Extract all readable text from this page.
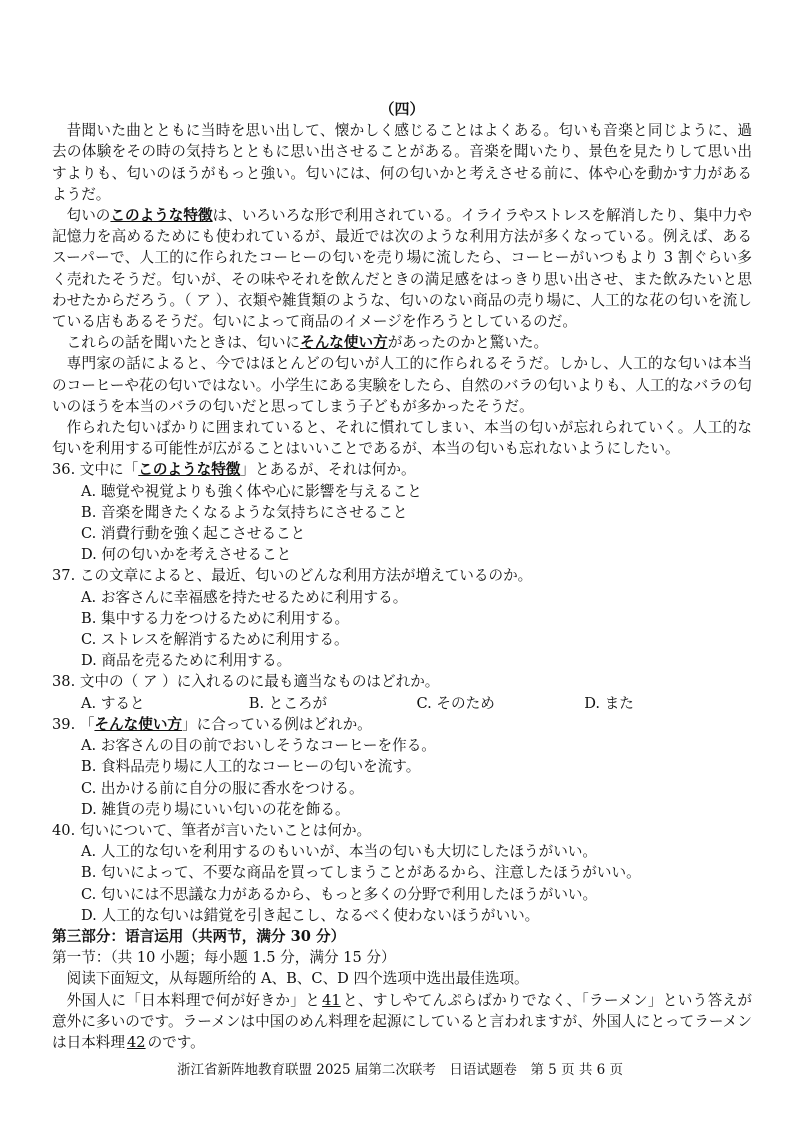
（四）

昔聞いた曲とともに当時を思い出して、懐かしく感じることはよくある。匂いも音楽と同じように、過去の体験をその時の気持ちとともに思い出させることがある。音楽を聞いたり、景色を見たりして思い出すよりも、匂いのほうがもっと強い。匂いには、何の匂いかと考えさせる前に、体や心を動かす力があるようだ。

匂いのこのような特徴は、いろいろな形で利用されている。イライラやストレスを解消したり、集中力や記憶力を高めるためにも使われているが、最近では次のような利用方法が多くなっている。例えば、あるスーパーで、人工的に作られたコーヒーの匂いを売り場に流したら、コーヒーがいつもより 3 割ぐらい多く売れたそうだ。匂いが、その味やそれを飲んだときの満足感をはっきり思い出させ、また飲みたいと思わせたからだろう。（ ア ）、衣類や雑貨類のような、匂いのない商品の売り場に、人工的な花の匂いを流している店もあるそうだ。匂いによって商品のイメージを作ろうとしているのだ。

これらの話を聞いたときは、匂いにそんな使い方があったのかと驚いた。

専門家の話によると、今ではほとんどの匂いが人工的に作られるそうだ。しかし、人工的な匂いは本当のコーヒーや花の匂いではない。小学生にある実験をしたら、自然のバラの匂いよりも、人工的なバラの匂いのほうを本当のバラの匂いだと思ってしまう子どもが多かったそうだ。

作られた匂いばかりに囲まれていると、それに慣れてしまい、本当の匂いが忘れられていく。人工的な匂いを利用する可能性が広がることはいいことであるが、本当の匂いも忘れないようにしたい。

36. 文中に「このような特徴」とあるが、それは何か。

A. 聴覚や視覚よりも強く体や心に影響を与えること

B. 音楽を聞きたくなるような気持ちにさせること

C. 消費行動を強く起こさせること

D. 何の匂いかを考えさせること

37. この文章によると、最近、匂いのどんな利用方法が増えているのか。

A. お客さんに幸福感を持たせるために利用する。

B. 集中する力をつけるために利用する。

C. ストレスを解消するために利用する。

D. 商品を売るために利用する。

38. 文中の（ ア ）に入れるのに最も適当なものはどれか。

A. すると	B. ところが	C. そのため	D. また

39. 「そんな使い方」に合っている例はどれか。

A. お客さんの目の前でおいしそうなコーヒーを作る。

B. 食料品売り場に人工的なコーヒーの匂いを流す。

C. 出かける前に自分の服に香水をつける。

D. 雑貨の売り場にいい匂いの花を飾る。

40. 匂いについて、筆者が言いたいことは何か。

A. 人工的な匂いを利用するのもいいが、本当の匂いも大切にしたほうがいい。

B. 匂いによって、不要な商品を買ってしまうことがあるから、注意したほうがいい。

C. 匂いには不思議な力があるから、もっと多くの分野で利用したほうがいい。

D. 人工的な匂いは錯覚を引き起こし、なるべく使わないほうがいい。

第三部分：语言运用（共两节，满分 30 分）

第一节：（共 10 小题；每小题 1.5 分，满分 15 分）

阅读下面短文，从每题所给的 A、B、C、D 四个选项中选出最佳选项。

外国人に「日本料理で何が好きか」と 41 と、すしやてんぷらばかりでなく、「ラーメン」という答えが意外に多いのです。ラーメンは中国のめん料理を起源にしていると言われますが、外国人にとってラーメンは日本料理 42 のです。

浙江省新阵地教育联盟 2025 届第二次联考　日语试题卷　第 5 页 共 6 页
